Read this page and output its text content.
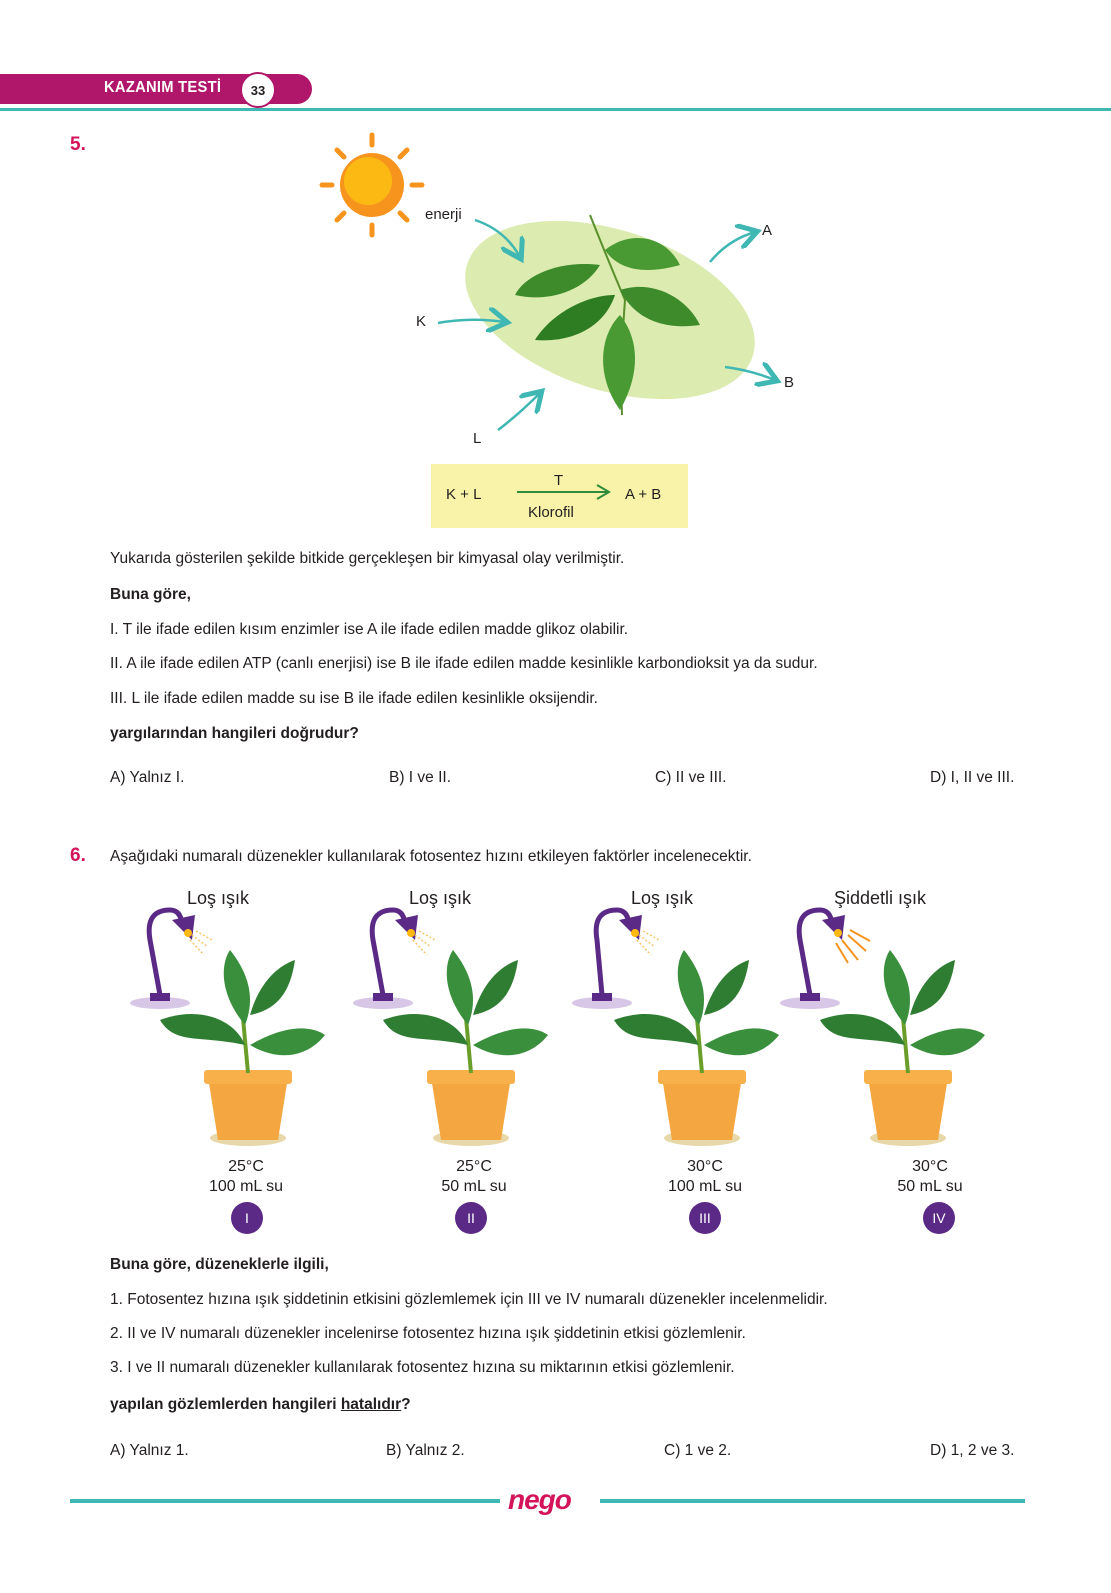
KAZANIM TESTİ	33
5.
enerji
A
B
K
L
K + L
T
Klorofil
A + B
Yukarıda gösterilen şekilde bitkide gerçekleşen bir kimyasal olay verilmiştir.
Buna göre,
I. T ile ifade edilen kısım enzimler ise A ile ifade edilen madde glikoz olabilir.
II. A ile ifade edilen ATP (canlı enerjisi) ise B ile ifade edilen madde kesinlikle karbondioksit ya da sudur.
III. L ile ifade edilen madde su ise B ile ifade edilen kesinlikle oksijendir.
yargılarından hangileri doğrudur?
A) Yalnız I.	B) I ve II.	C) II ve III.	D) I, II ve III.
6. Aşağıdaki numaralı düzenekler kullanılarak fotosentez hızını etkileyen faktörler incelenecektir.
Loş ışık	Loş ışık	Loş ışık	Şiddetli ışık
25°C
100 mL su
25°C
50 mL su
30°C
100 mL su
30°C
50 mL su
I	II	III	IV
Buna göre, düzeneklerle ilgili,
1. Fotosentez hızına ışık şiddetinin etkisini gözlemlemek için III ve IV numaralı düzenekler incelenmelidir.
2. II ve IV numaralı düzenekler incelenirse fotosentez hızına ışık şiddetinin etkisi gözlemlenir.
3. I ve II numaralı düzenekler kullanılarak fotosentez hızına su miktarının etkisi gözlemlenir.
yapılan gözlemlerden hangileri hatalıdır?
A) Yalnız 1.	B) Yalnız 2.	C) 1 ve 2.	D) 1, 2 ve 3.
nego
